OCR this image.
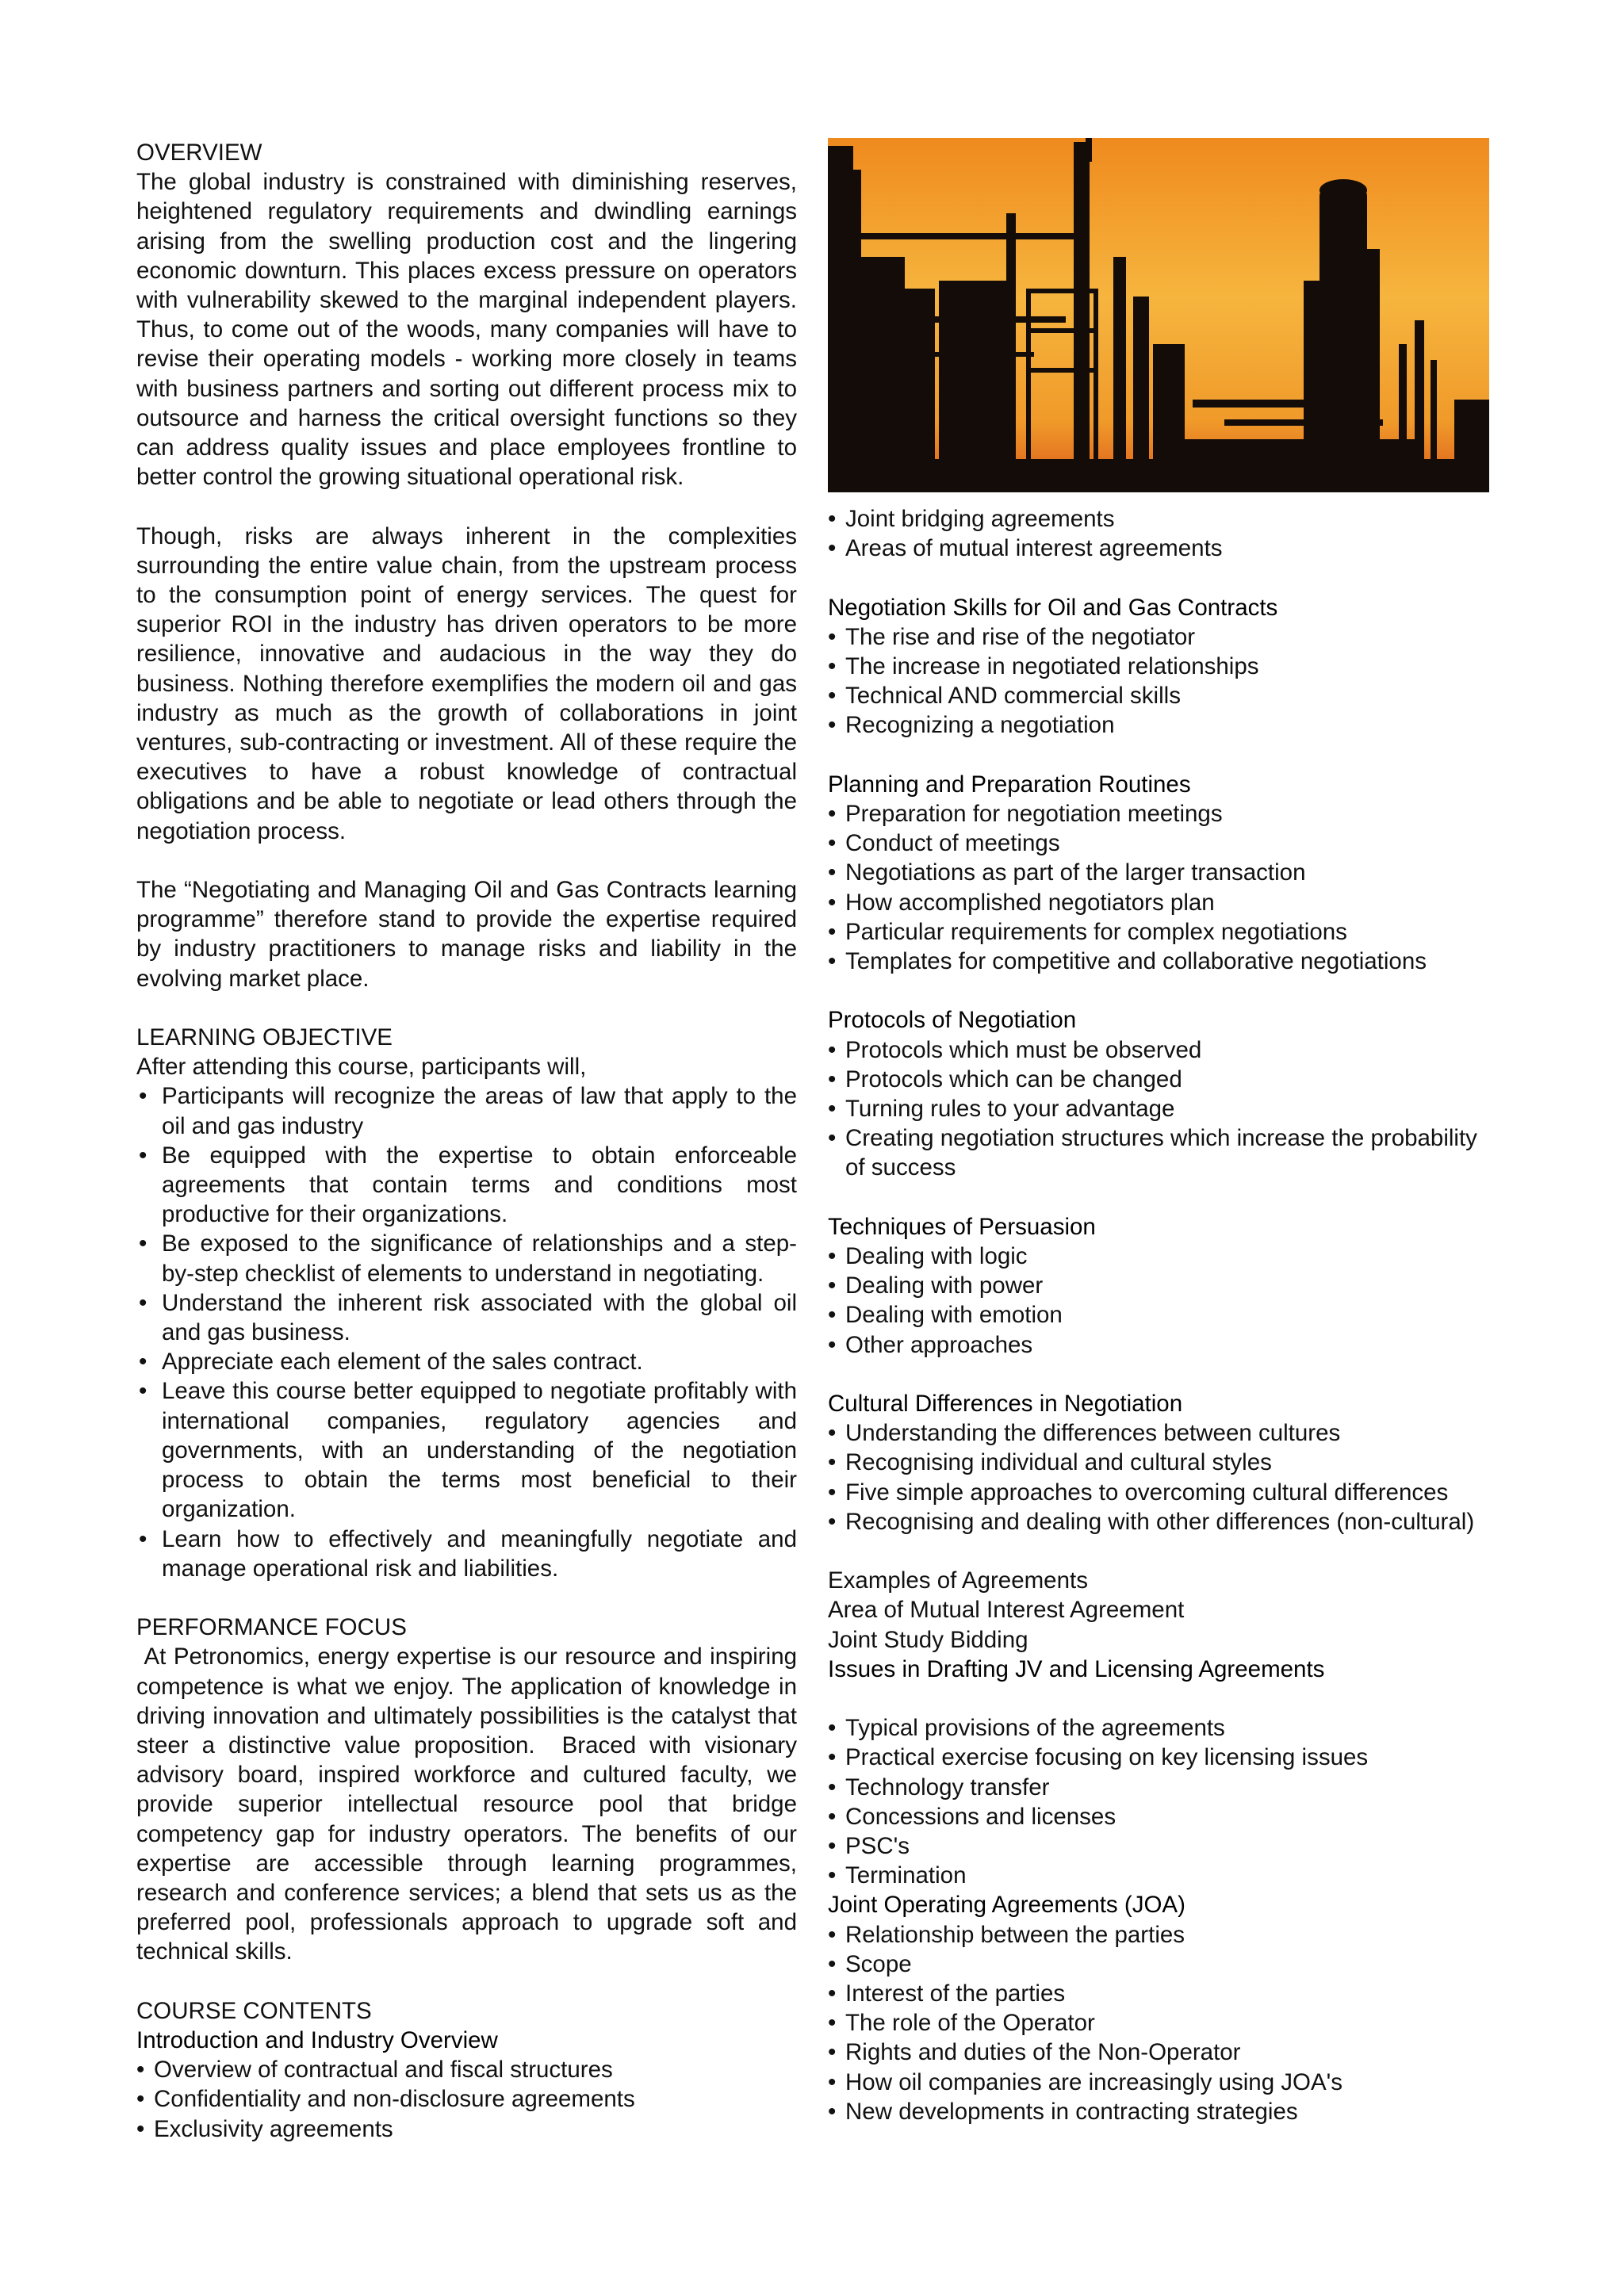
OVERVIEW

The global industry is constrained with diminishing reserves, heightened regulatory requirements and dwindling earnings arising from the swelling production cost and the lingering economic downturn. This places excess pressure on operators with vulnerability skewed to the marginal independent players. Thus, to come out of the woods, many companies will have to revise their operating models - working more closely in teams with business partners and sorting out different process mix to outsource and harness the critical oversight functions so they can address quality issues and place employees frontline to better control the growing situational operational risk.

Though, risks are always inherent in the complexities surrounding the entire value chain, from the upstream process to the consumption point of energy services. The quest for superior ROI in the industry has driven operators to be more resilience, innovative and audacious in the way they do business. Nothing therefore exemplifies the modern oil and gas industry as much as the growth of collaborations in joint ventures, sub-contracting or investment. All of these require the executives to have a robust knowledge of contractual obligations and be able to negotiate or lead others through the negotiation process.

The “Negotiating and Managing Oil and Gas Contracts learning programme” therefore stand to provide the expertise required by industry practitioners to manage risks and liability in the evolving market place.

LEARNING OBJECTIVE

After attending this course, participants will,

• Participants will recognize the areas of law that apply to the oil and gas industry
• Be equipped with the expertise to obtain enforceable agreements that contain terms and conditions most productive for their organizations.
• Be exposed to the significance of relationships and a step-by-step checklist of elements to understand in negotiating.
• Understand the inherent risk associated with the global oil and gas business.
• Appreciate each element of the sales contract.
• Leave this course better equipped to negotiate profitably with international companies, regulatory agencies and governments, with an understanding of the negotiation process to obtain the terms most beneficial to their organization.
• Learn how to effectively and meaningfully negotiate and manage operational risk and liabilities.
PERFORMANCE FOCUS

At Petronomics, energy expertise is our resource and inspiring competence is what we enjoy. The application of knowledge in driving innovation and ultimately possibilities is the catalyst that steer a distinctive value proposition.  Braced with visionary advisory board, inspired workforce and cultured faculty, we provide superior intellectual resource pool that bridge competency gap for industry operators. The benefits of our expertise are accessible through learning programmes, research and conference services; a blend that sets us as the preferred pool, professionals approach to upgrade soft and technical skills.

COURSE CONTENTS
Introduction and Industry Overview
• Overview of contractual and fiscal structures
• Confidentiality and non-disclosure agreements
• Exclusivity agreements
• Joint bridging agreements
• Areas of mutual interest agreements
Negotiation Skills for Oil and Gas Contracts
• The rise and rise of the negotiator
• The increase in negotiated relationships
• Technical AND commercial skills
• Recognizing a negotiation
Planning and Preparation Routines
• Preparation for negotiation meetings
• Conduct of meetings
• Negotiations as part of the larger transaction
• How accomplished negotiators plan
• Particular requirements for complex negotiations
• Templates for competitive and collaborative negotiations
Protocols of Negotiation
• Protocols which must be observed
• Protocols which can be changed
• Turning rules to your advantage
• Creating negotiation structures which increase the probability of success
Techniques of Persuasion
• Dealing with logic
• Dealing with power
• Dealing with emotion
• Other approaches
Cultural Differences in Negotiation
• Understanding the differences between cultures
• Recognising individual and cultural styles
• Five simple approaches to overcoming cultural differences
• Recognising and dealing with other differences (non-cultural)

Examples of Agreements

Area of Mutual Interest Agreement

Joint Study Bidding

Issues in Drafting JV and Licensing Agreements
• Typical provisions of the agreements
• Practical exercise focusing on key licensing issues
• Technology transfer
• Concessions and licenses
• PSC's
• Termination
Joint Operating Agreements (JOA)
• Relationship between the parties
• Scope
• Interest of the parties
• The role of the Operator
• Rights and duties of the Non-Operator
• How oil companies are increasingly using JOA's
• New developments in contracting strategies
